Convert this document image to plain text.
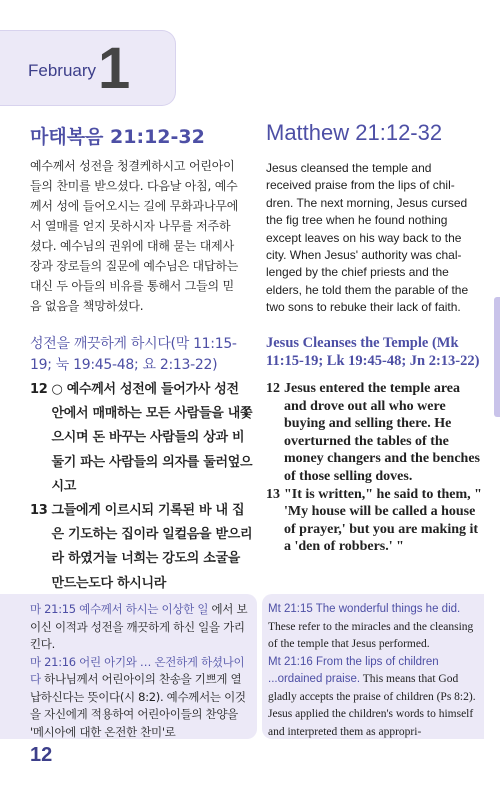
February 1
마태복음 21:12-32	Matthew 21:12-32
예수께서 성전을 청결케하시고 어린아이
들의 찬미를 받으셨다. 다음날 아침, 예수
께서 성에 들어오시는 길에 무화과나무에
서 열매를 얻지 못하시자 나무를 저주하
셨다. 예수님의 권위에 대해 묻는 대제사
장과 장로들의 질문에 예수님은 대답하는
대신 두 아들의 비유를 통해서 그들의 믿
음 없음을 책망하셨다.
Jesus cleansed the temple and
received praise from the lips of chil-
dren. The next morning, Jesus cursed
the fig tree when he found nothing
except leaves on his way back to the
city. When Jesus' authority was chal-
lenged by the chief priests and the
elders, he told them the parable of the
two sons to rebuke their lack of faith.
성전을 깨끗하게 하시다(막 11:15-19; 눅 19:45-48; 요 2:13-22)
Jesus Cleanses the Temple (Mk 11:15-19; Lk 19:45-48; Jn 2:13-22)
12 ○ 예수께서 성전에 들어가사 성전 안에서 매매하는 모든 사람들을 내쫓으시며 돈 바꾸는 사람들의 상과 비둘기 파는 사람들의 의자를 둘러엎으시고
13 그들에게 이르시되 기록된 바 내 집은 기도하는 집이라 일컬음을 받으리라 하였거늘 너희는 강도의 소굴을 만드는도다 하시니라
12 Jesus entered the temple area and drove out all who were buying and selling there. He overturned the tables of the money changers and the benches of those selling doves.
13 "It is written," he said to them, " 'My house will be called a house of prayer,' but you are making it a 'den of robbers.' "
마 21:15 예수께서 하시는 이상한 일 에서 보이신 이적과 성전을 깨끗하게 하신 일을 가리킨다.
마 21:16 어린 아기와 … 온전하게 하셨나이다 하나님께서 어린아이의 찬송을 기쁘게 열납하신다는 뜻이다(시 8:2). 예수께서는 이것을 자신에게 적용하여 어린아이들의 찬양을 '메시아에 대한 온전한 찬미'로
Mt 21:15 The wonderful things he did. These refer to the miracles and the cleansing of the temple that Jesus performed.
Mt 21:16 From the lips of children ...ordained praise. This means that God gladly accepts the praise of children (Ps 8:2). Jesus applied the children's words to himself and interpreted them as appropri-
12
